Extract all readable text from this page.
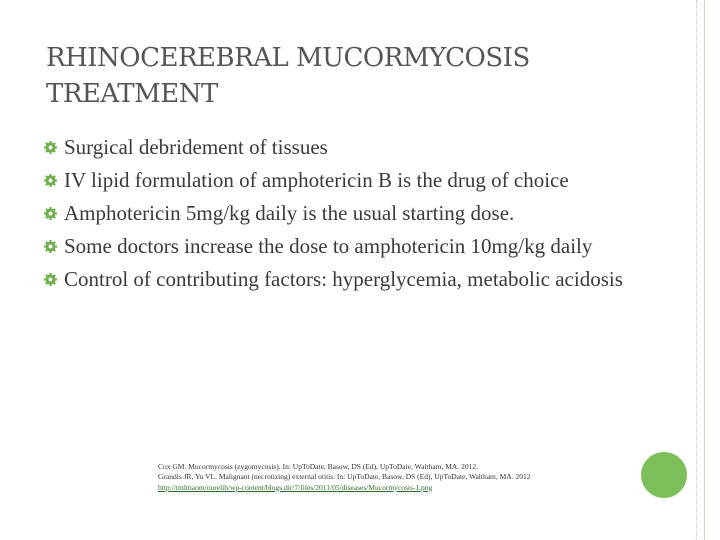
RHINOCEREBRAL MUCORMYCOSIS
TREATMENT
Surgical debridement of tissues
IV lipid formulation of amphotericin B is the drug of choice
Amphotericin 5mg/kg daily is the usual starting dose.
Some doctors increase the dose to amphotericin 10mg/kg daily
Control of contributing factors: hyperglycemia, metabolic acidosis

Cox GM. Mucormycosis (zygomycosis). In: UpToDate, Basow, DS (Ed), UpToDate, Waltham, MA. 2012.

Grandis JR, Yu VL. Malignant (necrotizing) external otitis. In: UpToDate, Basow, DS (Ed), UpToDate, Waltham, MA. 2012

http://tmlmaom/ourelih/wp-content/blogs.dir/7/files/2011/05/diseases/Mucormycosis-1.png
